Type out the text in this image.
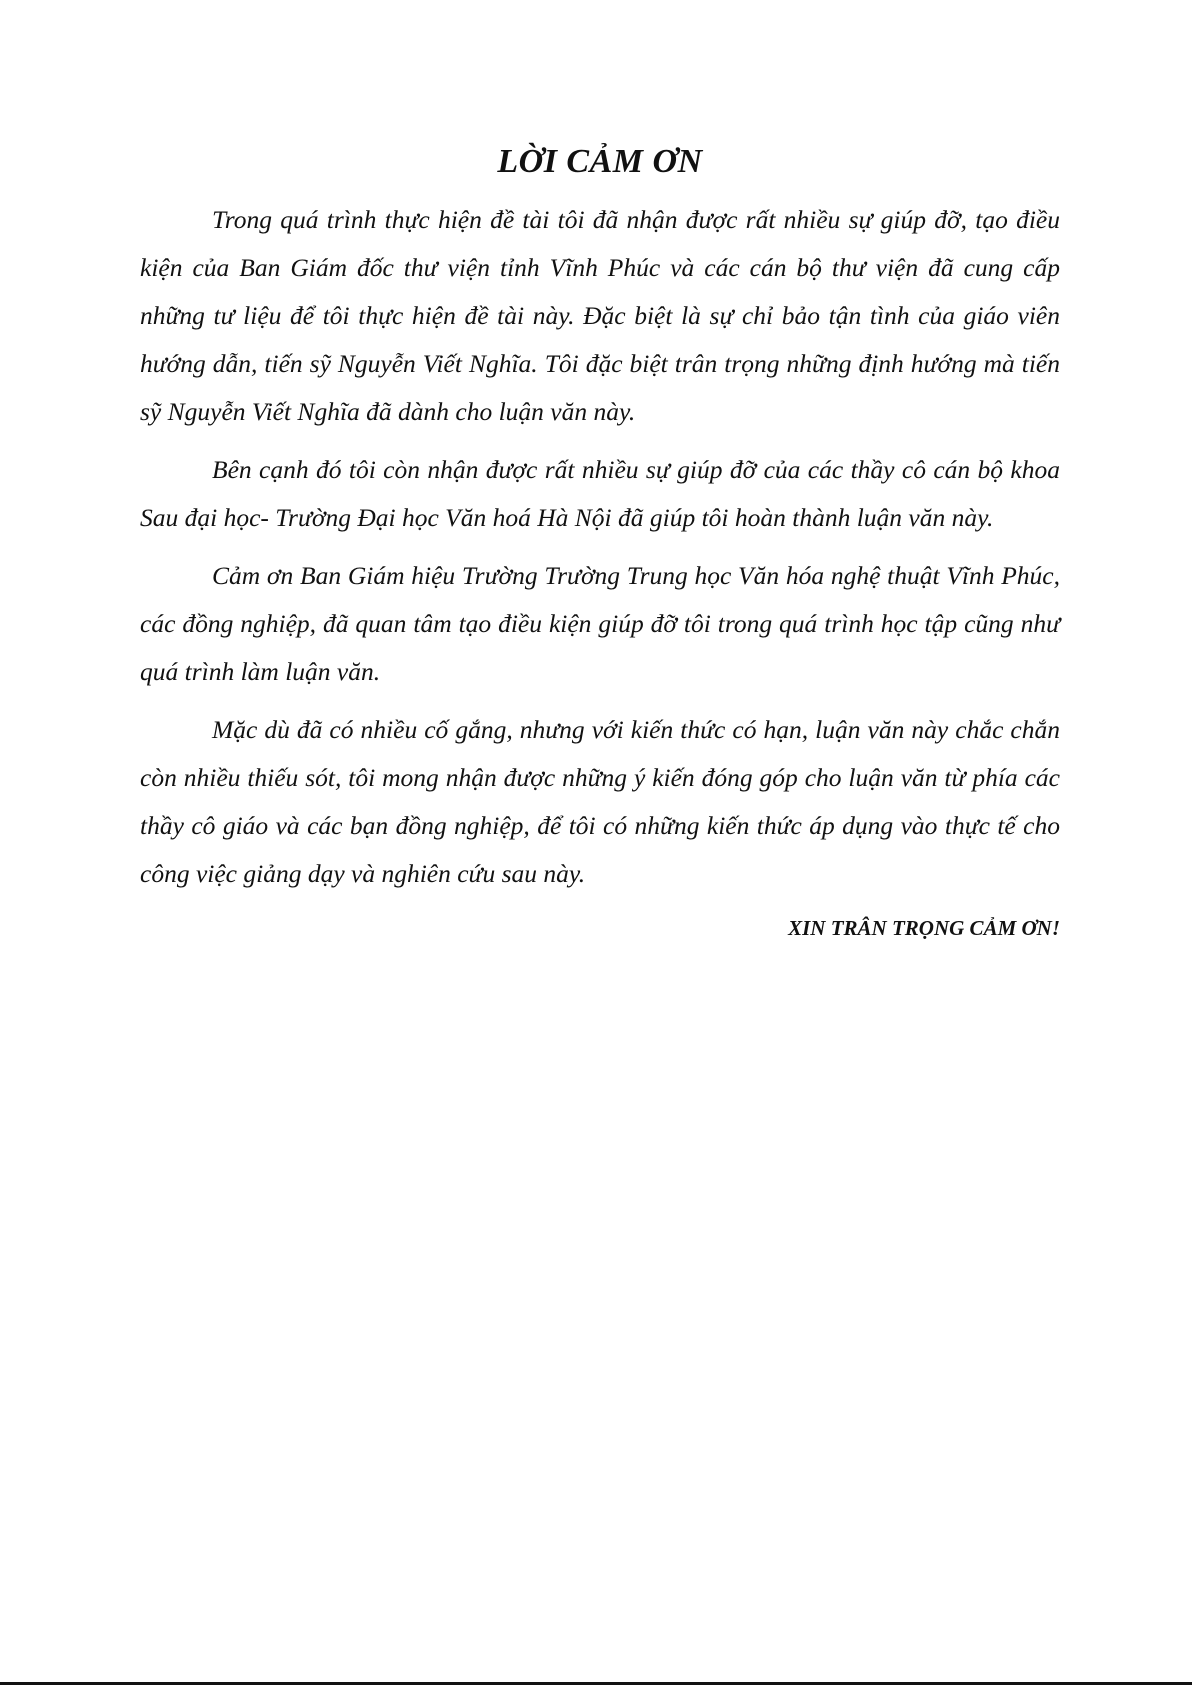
LỜI CẢM ƠN

Trong quá trình thực hiện đề tài tôi đã nhận được rất nhiều sự giúp đỡ, tạo điều kiện của Ban Giám đốc thư viện tỉnh Vĩnh Phúc và các cán bộ thư viện đã cung cấp những tư liệu để tôi thực hiện đề tài này. Đặc biệt là sự chỉ bảo tận tình của giáo viên hướng dẫn, tiến sỹ Nguyễn Viết Nghĩa. Tôi đặc biệt trân trọng những định hướng mà tiến sỹ Nguyễn Viết Nghĩa đã dành cho luận văn này.

Bên cạnh đó tôi còn nhận được rất nhiều sự giúp đỡ của các thầy cô cán bộ khoa Sau đại học- Trường Đại học Văn hoá Hà Nội đã giúp tôi hoàn thành luận văn này.

Cảm ơn Ban Giám hiệu Trường Trường Trung học Văn hóa nghệ thuật Vĩnh Phúc, các đồng nghiệp, đã quan tâm tạo điều kiện giúp đỡ tôi trong quá trình học tập cũng như quá trình làm luận văn.

Mặc dù đã có nhiều cố gắng, nhưng với kiến thức có hạn, luận văn này chắc chắn còn nhiều thiếu sót, tôi mong nhận được những ý kiến đóng góp cho luận văn từ phía các thầy cô giáo và các bạn đồng nghiệp, để tôi có những kiến thức áp dụng vào thực tế cho công việc giảng dạy và nghiên cứu sau này.

XIN TRÂN TRỌNG CẢM ƠN!
